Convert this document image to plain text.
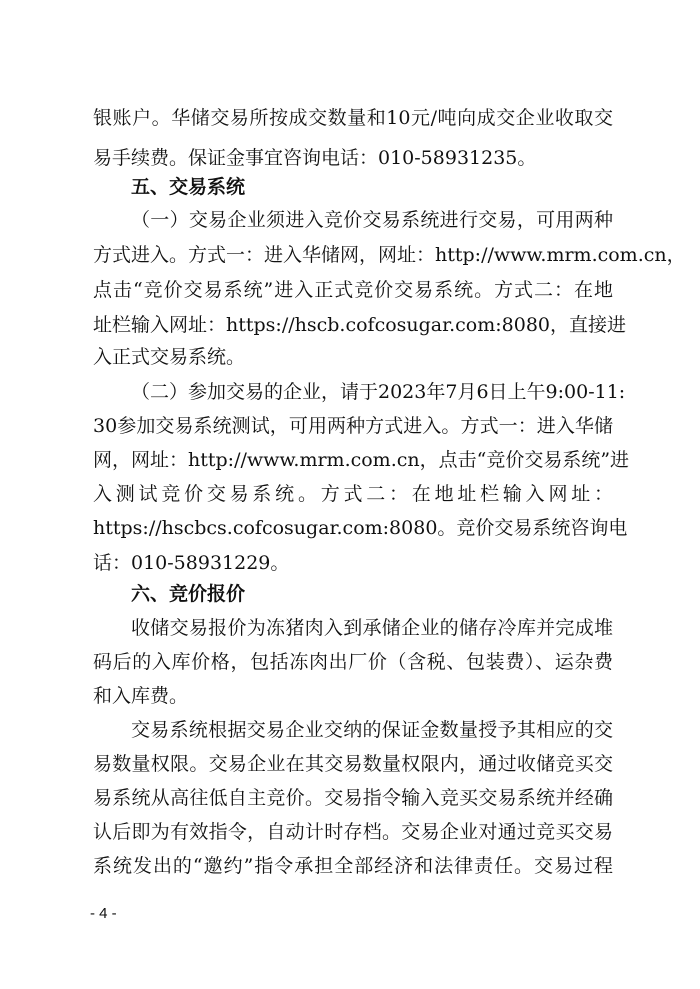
银账户。华储交易所按成交数量和10元/吨向成交企业收取交
易手续费。保证金事宜咨询电话：010-58931235。
五、交易系统
（一）交易企业须进入竞价交易系统进行交易，可用两种
方式进入。方式一：进入华储网，网址：http://www.mrm.com.cn，
点击“竞价交易系统”进入正式竞价交易系统。方式二：在地
址栏输入网址：https://hscb.cofcosugar.com:8080，直接进
入正式交易系统。
（二）参加交易的企业，请于2023年7月6日上午9:00-11:
30参加交易系统测试，可用两种方式进入。方式一：进入华储
网，网址：http://www.mrm.com.cn，点击“竞价交易系统”进
入测试竞价交易系统。方式二：在地址栏输入网址：
https://hscbcs.cofcosugar.com:8080。竞价交易系统咨询电
话：010-58931229。
六、竞价报价
收储交易报价为冻猪肉入到承储企业的储存冷库并完成堆
码后的入库价格，包括冻肉出厂价（含税、包装费）、运杂费
和入库费。
交易系统根据交易企业交纳的保证金数量授予其相应的交
易数量权限。交易企业在其交易数量权限内，通过收储竞买交
易系统从高往低自主竞价。交易指令输入竞买交易系统并经确
认后即为有效指令，自动计时存档。交易企业对通过竞买交易
系统发出的“邀约”指令承担全部经济和法律责任。交易过程
- 4 -
